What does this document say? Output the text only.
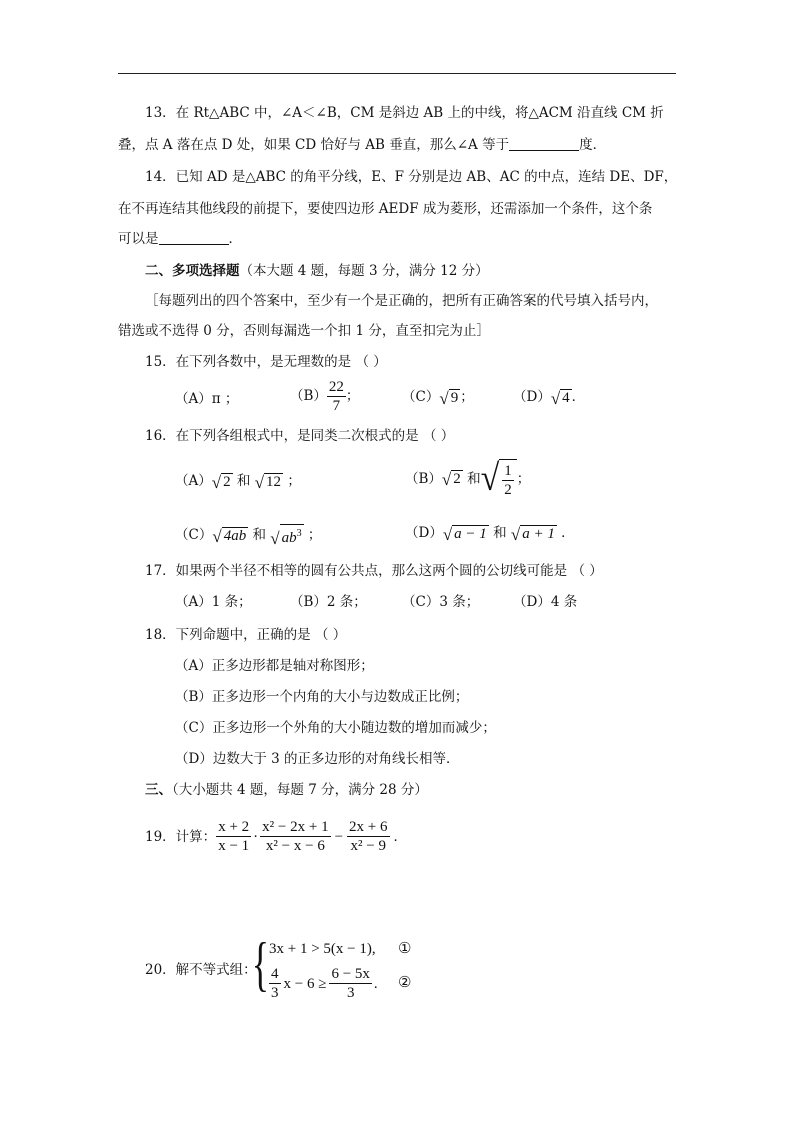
13．在 Rt△ABC 中，∠A＜∠B，CM 是斜边 AB 上的中线，将△ACM 沿直线 CM 折
叠，点 A 落在点 D 处，如果 CD 恰好与 AB 垂直，那么∠A 等于	度．
14．已知 AD 是△ABC 的角平分线，E、F 分别是边 AB、AC 的中点，连结 DE、DF，
在不再连结其他线段的前提下，要使四边形 AEDF 成为菱形，还需添加一个条件，这个条
可以是	．
二、多项选择题（本大题 4 题，每题 3 分，满分 12 分）
［每题列出的四个答案中，至少有一个是正确的，把所有正确答案的代号填入括号内，
错选或不选得 0 分，否则每漏选一个扣 1 分，直至扣完为止］
15．在下列各数中，是无理数的是 （ ）
（A）π ；	$(B) \frac{22}{7}$ ；	（C） √ 9 ；	（D） √ 4 ．
16．在下列各组根式中，是同类二次根式的是 （ ）
（A） √ 2 和 √ 12 ；	（B） √ 2 和 √ $\frac{1}{2}$ ；
（C） √ 4ab 和 √ $ab^3$ ；	（D） √ a − 1 和 √ a + 1 ．
17．如果两个半径不相等的圆有公共点，那么这两个圆的公切线可能是 （ ）
（A）1 条；	（B）2 条；	（C）3 条；	（D）4 条
18．下列命题中，正确的是 （ ）
（A）正多边形都是轴对称图形；
（B）正多边形一个内角的大小与边数成正比例；
（C）正多边形一个外角的大小随边数的增加而减少；
（D）边数大于 3 的正多边形的对角线长相等．
三、（大小题共 4 题，每题 7 分，满分 28 分）
19．计算： $\frac{x + 2}{x - 1} \cdot \frac{\text{x² − 2x + 1}}{\text{x² − x − 6}} - \frac{2x + 6}{\text{x² − 9}}$ ．
20．解不等式组：
{ 3x + 1 > 5(x − 1), ①
$\frac{4}{3}$ $x - 6 \ge \frac{6 - 5x}{3}$ . ②
